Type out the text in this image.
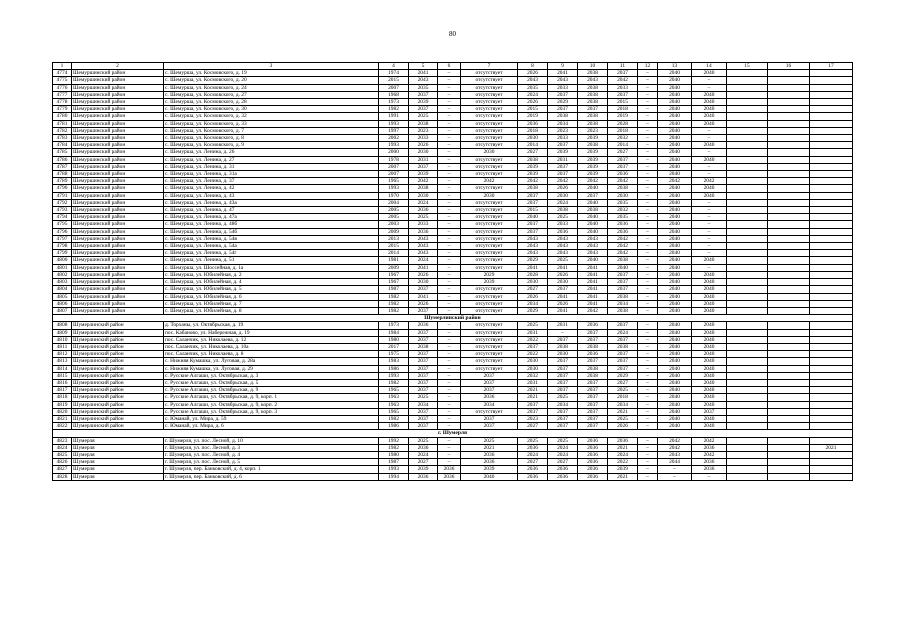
80
1	2	3	4	5	6	7	8	9	10	11	12	13	14	15	16	17
4774	Шемуршинский район	с. Шемурша, ул. Космовского, д. 19	1974	2041	–	отсутствует	2026	2041	2038	2037	–	2040	2040			
4775	Шемуршинский район	с. Шемурша, ул. Космовского, д. 20	2015	2043	–	отсутствует	2043	2043	2043	2042	–	2040	–			
4776	Шемуршинский район	с. Шемурша, ул. Космовского, д. 24	2007	2035	–	отсутствует	2035	2033	2038	2033	–	2040	–			
4777	Шемуршинский район	с. Шемурша, ул. Космовского, д. 27	1968	2037	–	отсутствует	2024	2037	2038	2037	–	2040	2040			
4778	Шемуршинский район	с. Шемурша, ул. Космовского, д. 28	1973	2039	–	отсутствует	2026	2029	2038	2015	–	2040	2040			
4779	Шемуршинский район	с. Шемурша, ул. Космовского, д. 30	1982	2037	–	отсутствует	2015	2037	2037	2018	–	2040	2040			
4780	Шемуршинский район	с. Шемурша, ул. Космовского, д. 32	1991	2025	–	отсутствует	2019	2038	2038	2019	–	2040	2040			
4781	Шемуршинский район	с. Шемурша, ул. Космовского, д. 33	1993	2038	–	отсутствует	2036	2034	2038	2028	–	2040	2040			
4782	Шемуршинский район	с. Шемурша, ул. Космовского, д. 7	1997	2023	–	отсутствует	2018	2023	2023	2018	–	2040	–			
4783	Шемуршинский район	с. Шемурша, ул. Космовского, д. 8	2002	2033	–	отсутствует	2030	2033	2039	2032	–	2040	–			
4784	Шемуршинский район	с. Шемурша, ул. Космовского, д. 9	1993	2026	–	отсутствует	2014	2037	2038	2014	–	2040	2040			
4785	Шемуршинский район	с. Шемурша, ул. Ленина, д. 26	2000	2030	–	2030	2027	2039	2039	2027	–	2040	–			
4786	Шемуршинский район	с. Шемурша, ул. Ленина, д. 27	1978	2031	–	отсутствует	2038	2031	2039	2037	–	2040	2040			
4787	Шемуршинский район	с. Шемурша, ул. Ленина, д. 31	2007	2037	–	отсутствует	2039	2037	2039	2037	–	2040	–			
4788	Шемуршинский район	с. Шемурша, ул. Ленина, д. 31а	2007	2039	–	отсутствует	2039	2037	2039	2036	–	2040	–			
4789	Шемуршинский район	с. Шемурша, ул. Ленина, д. 37	1965	2042	–	2042	2042	2042	2042	2042	–	2042	2042			
4790	Шемуршинский район	с. Шемурша, ул. Ленина, д. 42	1993	2038	–	отсутствует	2038	2026	2040	2038	–	2040	2040			
4791	Шемуршинский район	с. Шемурша, ул. Ленина, д. 43	1970	2030	–	2030	2037	2030	2037	2030	–	2040	2040			
4792	Шемуршинский район	с. Шемурша, ул. Ленина, д. 43а	2004	2024	–	отсутствует	2037	2024	2040	2035	–	2040	–			
4793	Шемуршинский район	с. Шемурша, ул. Ленина, д. 47	2005	2036	–	отсутствует	2015	2038	2038	2032	–	2040	–			
4794	Шемуршинский район	с. Шемурша, ул. Ленина, д. 47а	2005	2025	–	отсутствует	2040	2025	2040	2035	–	2040	–			
4795	Шемуршинский район	с. Шемурша, ул. Ленина, д. 48б	2003	2033	–	отсутствует	2037	2033	2040	2036	–	2040	–			
4796	Шемуршинский район	с. Шемурша, ул. Ленина, д. 54б	2009	2036	–	отсутствует	2037	2036	2040	2036	–	2040	–			
4797	Шемуршинский район	с. Шемурша, ул. Ленина, д. 54в	2013	2043	–	отсутствует	2043	2043	2043	2042	–	2040	–			
4798	Шемуршинский район	с. Шемурша, ул. Ленина, д. 54а	2015	2043	–	отсутствует	2043	2043	2043	2042	–	2040	–			
4799	Шемуршинский район	с. Шемурша, ул. Ленина, д. 54г	2014	2043	–	отсутствует	2043	2043	2043	2042	–	2040	–			
4800	Шемуршинский район	с. Шемурша, ул. Ленина, д. 51	1981	2024	–	отсутствует	2029	2025	2040	2038	–	2040	2040			
4801	Шемуршинский район	с. Шемурша, ул. Шоссейная, д. 1а	2009	2041	–	отсутствует	2041	2041	2041	2040	–	2040	–			
4802	Шемуршинский район	с. Шемурша, ул. Юбилейная, д. 2	1967	2026	–	2029	2028	2026	2041	2037	–	2040	2040			
4803	Шемуршинский район	с. Шемурша, ул. Юбилейная, д. 4	1967	2030	–	2039	2030	2030	2041	2037	–	2040	2040			
4804	Шемуршинский район	с. Шемурша, ул. Юбилейная, д. 5	1987	2037	–	отсутствует	2027	2037	2041	2037	–	2040	2040			
4805	Шемуршинский район	с. Шемурша, ул. Юбилейная, д. 6	1982	2041	–	отсутствует	2026	2041	2041	2038	–	2040	2040			
4806	Шемуршинский район	с. Шемурша, ул. Юбилейная, д. 7	1982	2026	–	отсутствует	2034	2026	2041	2034	–	2040	2040			
4807	Шемуршинский район	с. Шемурша, ул. Юбилейная, д. 8	1982	2037	–	отсутствует	2029	2041	2042	2038	–	2040	2040			
Шумерлинский район																
4808	Шумерлинский район	д. Торханы, ул. Октябрьская, д. 19	1973	2036	–	отсутствует	2025	2031	2036	2037	–	2040	2040			
4809	Шумерлинский район	пос. Кабаново, ул. Набережная, д. 19	1984	2037	–	отсутствует	2031	–	2037	2024	–	2040	2040			
4810	Шумерлинский район	пос. Саланчик, ул. Николаева, д. 12	1980	2037	–	отсутствует	2022	2037	2037	2037	–	2040	2040			
4811	Шумерлинский район	пос. Саланчик, ул. Николаева, д. 10а	2017	2038	–	отсутствует	2037	2038	2038	2038	–	2040	2040			
4812	Шумерлинский район	пос. Саланчик, ул. Николаева, д. 8	1975	2037	–	отсутствует	2022	2030	2036	2037	–	2040	2040			
4813	Шумерлинский район	с. Нижняя Кумашка, ул. Луговая, д. 28а	1983	2037	–	отсутствует	2030	2037	2037	2037	–	2040	2040			
4814	Шумерлинский район	с. Нижняя Кумашка, ул. Луговая, д. 29	1986	2037	–	отсутствует	2030	2037	2038	2037	–	2040	2040			
4815	Шумерлинский район	с. Русские Алгаши, ул. Октябрьская, д. 3	1993	2037	–	2037	2032	2037	2038	2029	–	2040	2040			
4816	Шумерлинский район	с. Русские Алгаши, ул. Октябрьская, д. 5	1982	2037	–	2037	2031	2037	2037	2027	–	2040	2040			
4817	Шумерлинский район	с. Русские Алгаши, ул. Октябрьская, д. 9	1965	2037	–	2037	2021	2037	2037	2025	–	2040	2040			
4818	Шумерлинский район	с. Русские Алгаши, ул. Октябрьская, д. 9, корп. 1	1963	2025	–	2036	2021	2025	2037	2018	–	2040	2040			
4819	Шумерлинский район	с. Русские Алгаши, ул. Октябрьская, д. 9, корп. 2	1963	2034	–	2034	2037	2034	2037	2034	–	2040	2040			
4820	Шумерлинский район	с. Русские Алгаши, ул. Октябрьская, д. 9, корп. 3	1965	2037	–	отсутствует	2037	2037	2037	2021	–	2040	2037			
4821	Шумерлинский район	с. Юманай, ул. Мира, д. 59	1982	2037	–	2037	2023	2037	2037	2025	–	2040	2040			
4822	Шумерлинский район	с. Юманай, ул. Мира, д. 6	1986	2037	–	2037	2027	2037	2037	2026	–	2040	2040			
г. Шумерля																
4823	Шумерля	г. Шумерля, ул. пос. Лесной, д. 10	1992	2025	–	2025	2025	2025	2036	2036	–	2042	2042			
4824	Шумерля	г. Шумерля, ул. пос. Лесной, д. 3	1982	2036	–	2021	2036	2024	2036	2021	–	2042	2036			2021
4825	Шумерля	г. Шумерля, ул. пос. Лесной, д. 4	1980	2024	–	2036	2024	2024	2036	2024	–	2043	2042			
4826	Шумерля	г. Шумерля, ул. пос. Лесной, д. 5	1987	2027	–	2036	2027	2027	2036	2022	–	2044	2036			
4827	Шумерля	г. Шумерля, пер. Банковский, д. 4, корп. 1	1993	2039	2036	2039	2036	2036	2036	2039	–	–	2036			
4828	Шумерля	г. Шумерля, пер. Банковский, д. 6	1994	2036	2036	2040	2036	2036	2036	2021	–	–	–			
